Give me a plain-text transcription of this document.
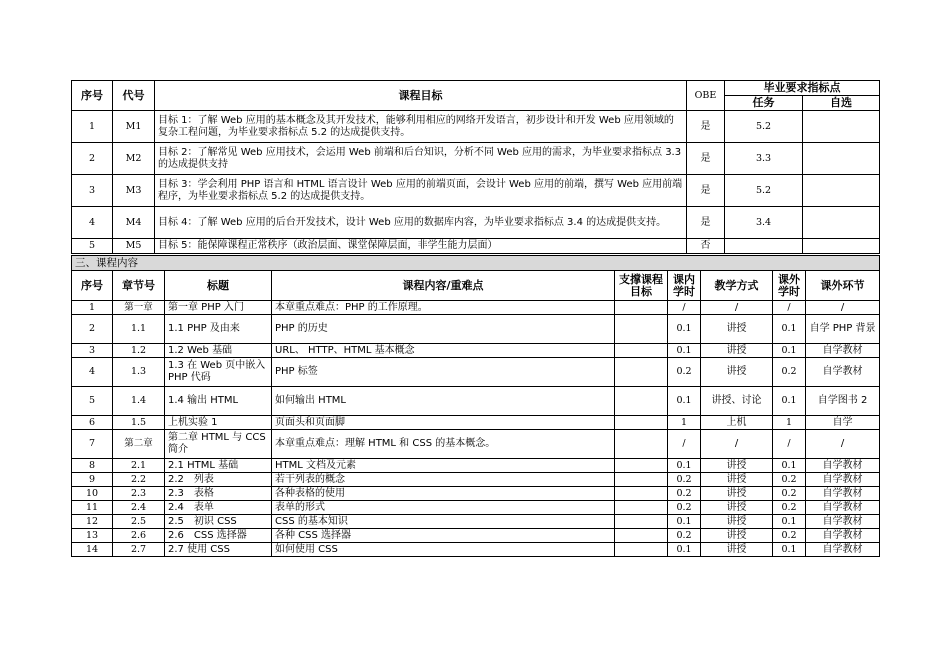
序号	代号	课程目标	OBE	毕业要求指标点	
				任务	自选
1	M1	目标 1：了解 Web 应用的基本概念及其开发技术，能够利用相应的网络开发语言，初步设计和开发 Web 应用领域的复杂工程问题，为毕业要求指标点 5.2 的达成提供支持。	是	5.2	
2	M2	目标 2：了解常见 Web 应用技术，会运用 Web 前端和后台知识，分析不同 Web 应用的需求，为毕业要求指标点 3.3 的达成提供支持	是	3.3	
3	M3	目标 3：学会利用 PHP 语言和 HTML 语言设计 Web 应用的前端页面，会设计 Web 应用的前端，撰写 Web 应用前端程序，为毕业要求指标点 5.2 的达成提供支持。	是	5.2	
4	M4	目标 4：了解 Web 应用的后台开发技术，设计 Web 应用的数据库内容，为毕业要求指标点 3.4 的达成提供支持。	是	3.4	
5	M5	目标 5：能保障课程正常秩序（政治层面、课堂保障层面，非学生能力层面）	否		
三、课程内容								
序号	章节号	标题	课程内容/重难点	支撑课程目标	课内学时	教学方式	课外学时	课外环节
1	第一章	第一章 PHP 入门	本章重点难点：PHP 的工作原理。		/	/	/	/
2	1.1	1.1 PHP 及由来	PHP 的历史		0.1	讲授	0.1	自学 PHP 背景
3	1.2	1.2 Web 基础	URL、 HTTP、HTML 基本概念		0.1	讲授	0.1	自学教材
4	1.3	1.3 在 Web 页中嵌入 PHP 代码	PHP 标签		0.2	讲授	0.2	自学教材
5	1.4	1.4 输出 HTML	如何输出 HTML		0.1	讲授、讨论	0.1	自学图书 2
6	1.5	上机实验 1	页面头和页面脚		1	上机	1	自学
7	第二章	第二章 HTML 与 CCS 简介	本章重点难点：理解 HTML 和 CSS 的基本概念。		/	/	/	/
8	2.1	2.1 HTML 基础	HTML 文档及元素		0.1	讲授	0.1	自学教材
9	2.2	2.2　列表	若干列表的概念		0.2	讲授	0.2	自学教材
10	2.3	2.3　表格	各种表格的使用		0.2	讲授	0.2	自学教材
11	2.4	2.4　表单	表单的形式		0.2	讲授	0.2	自学教材
12	2.5	2.5　初识 CSS	CSS 的基本知识		0.1	讲授	0.1	自学教材
13	2.6	2.6　CSS 选择器	各种 CSS 选择器		0.2	讲授	0.2	自学教材
14	2.7	2.7 使用 CSS	如何使用 CSS		0.1	讲授	0.1	自学教材
